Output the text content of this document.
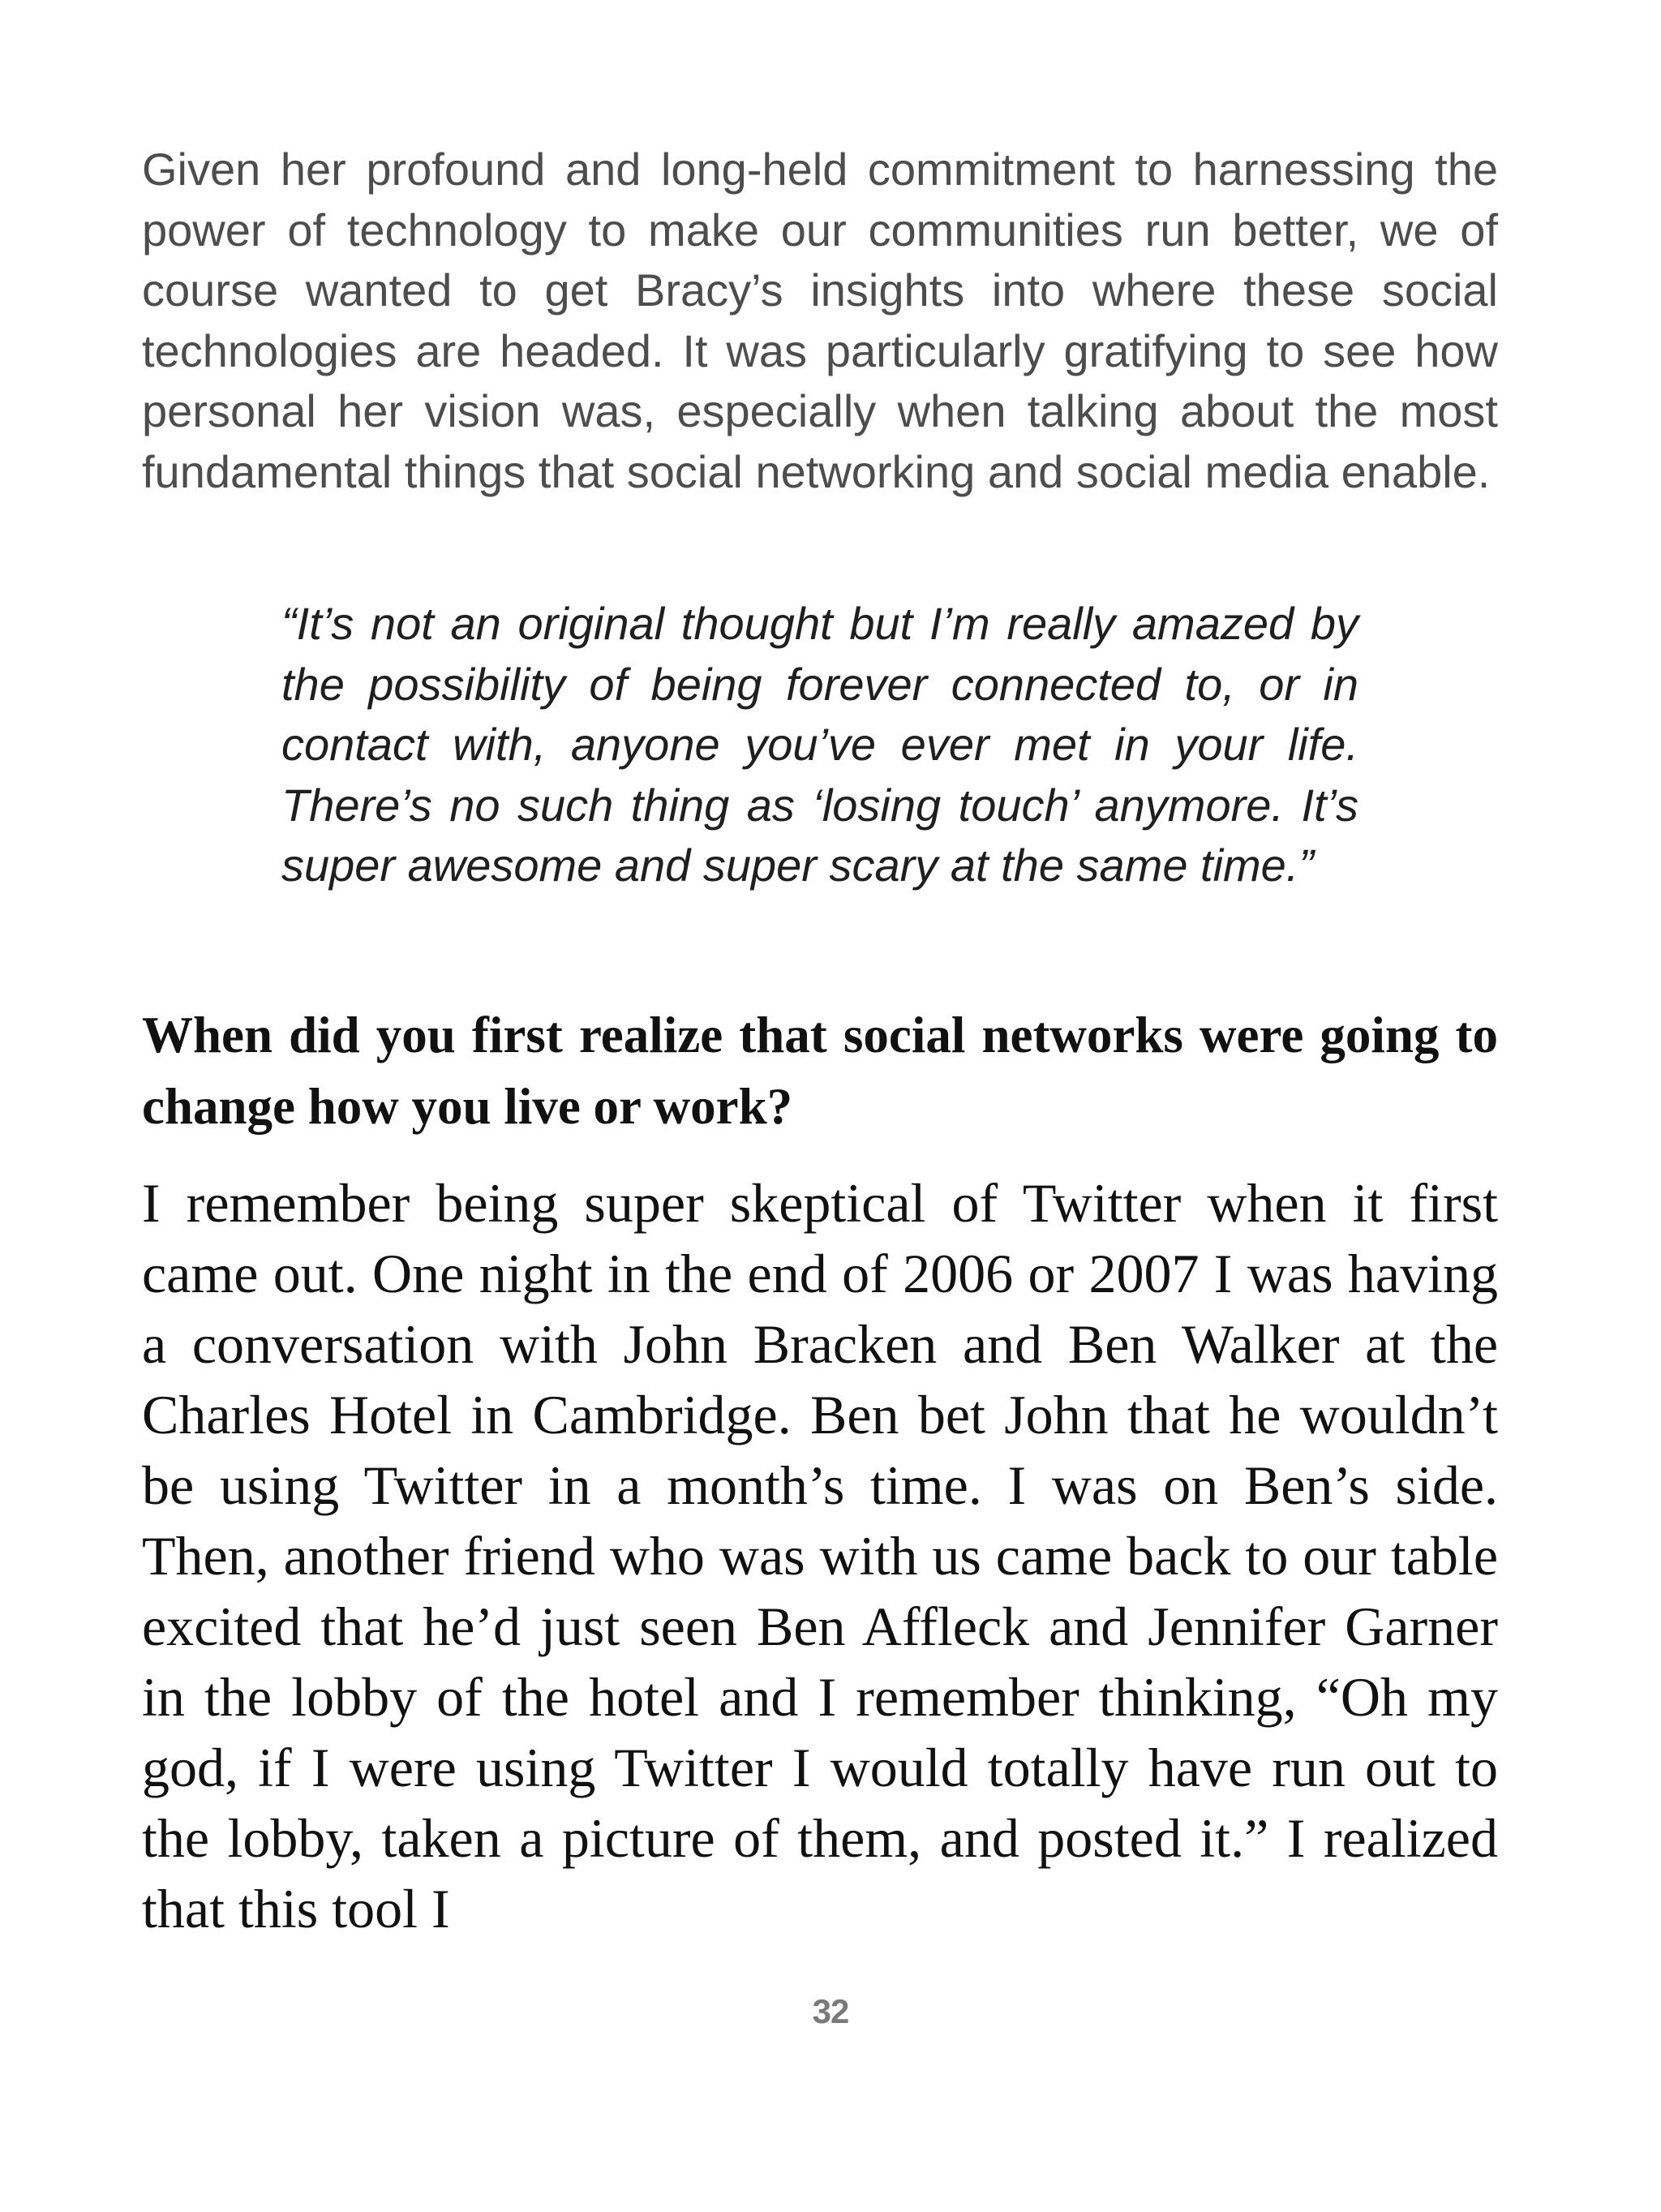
Given her profound and long-held commitment to harnessing the power of technology to make our communities run better, we of course wanted to get Bracy’s insights into where these social technologies are headed. It was particularly gratifying to see how personal her vision was, especially when talking about the most fundamental things that social networking and social media enable.

“It’s not an original thought but I’m really amazed by the possibility of being forever connected to, or in contact with, anyone you’ve ever met in your life. There’s no such thing as ‘losing touch’ anymore. It’s super awesome and super scary at the same time.”

When did you first realize that social networks were going to change how you live or work?

I remember being super skeptical of Twitter when it first came out. One night in the end of 2006 or 2007 I was having a conversation with John Bracken and Ben Walker at the Charles Hotel in Cambridge. Ben bet John that he wouldn’t be using Twitter in a month’s time. I was on Ben’s side. Then, another friend who was with us came back to our table excited that he’d just seen Ben Affleck and Jennifer Garner in the lobby of the hotel and I remember thinking, “Oh my god, if I were using Twitter I would totally have run out to the lobby, taken a picture of them, and posted it.” I realized that this tool I

32
